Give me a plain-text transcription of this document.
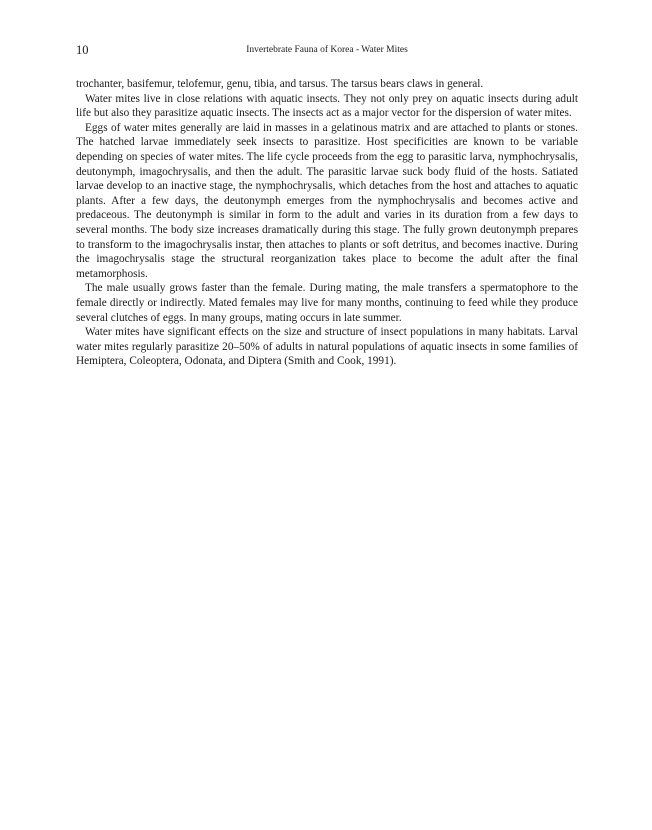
10	Invertebrate Fauna of Korea - Water Mites

trochanter, basifemur, telofemur, genu, tibia, and tarsus. The tarsus bears claws in general.

Water mites live in close relations with aquatic insects. They not only prey on aquatic insects during adult life but also they parasitize aquatic insects. The insects act as a major vector for the dispersion of water mites.

Eggs of water mites generally are laid in masses in a gelatinous matrix and are attached to plants or stones. The hatched larvae immediately seek insects to parasitize. Host specificities are known to be variable depending on species of water mites. The life cycle proceeds from the egg to parasitic larva, nymphochrysalis, deutonymph, imagochrysalis, and then the adult. The parasitic larvae suck body fluid of the hosts. Satiated larvae develop to an inactive stage, the nymphochrysalis, which detaches from the host and attaches to aquatic plants. After a few days, the deutonymph emerges from the nymphochrysalis and becomes active and predaceous. The deutonymph is similar in form to the adult and varies in its duration from a few days to several months. The body size increases dramatically during this stage. The fully grown deutonymph prepares to transform to the imagochrysalis instar, then attaches to plants or soft detritus, and becomes inactive. During the imagochrysalis stage the structural reorganization takes place to become the adult after the final metamorphosis.

The male usually grows faster than the female. During mating, the male transfers a spermatophore to the female directly or indirectly. Mated females may live for many months, continuing to feed while they produce several clutches of eggs. In many groups, mating occurs in late summer.

Water mites have significant effects on the size and structure of insect populations in many habitats. Larval water mites regularly parasitize 20–50% of adults in natural populations of aquatic insects in some families of Hemiptera, Coleoptera, Odonata, and Diptera (Smith and Cook, 1991).
